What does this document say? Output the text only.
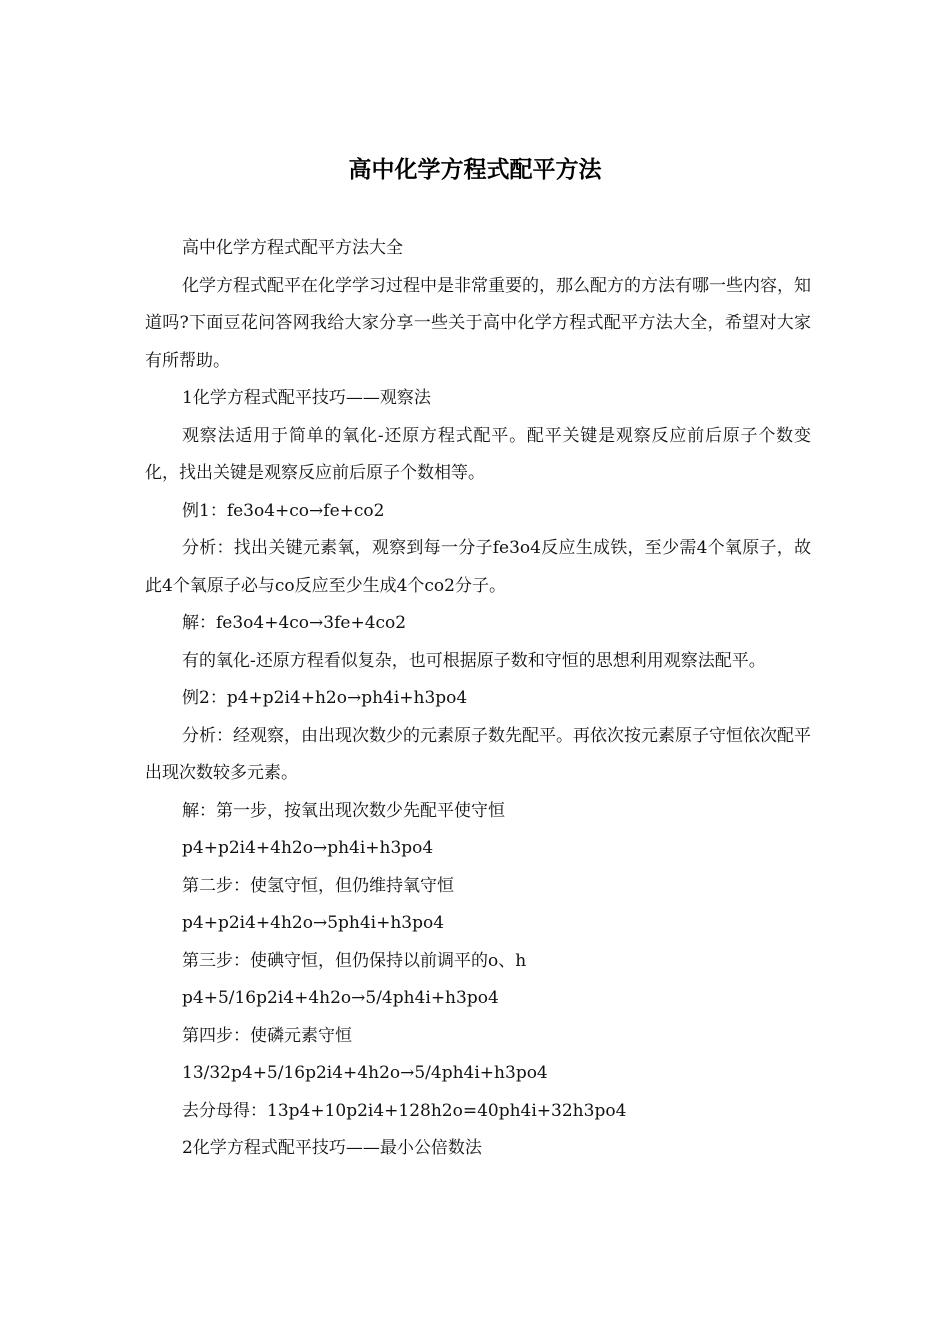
高中化学方程式配平方法

高中化学方程式配平方法大全

化学方程式配平在化学学习过程中是非常重要的，那么配方的方法有哪一些内容，知道吗?下面豆花问答网我给大家分享一些关于高中化学方程式配平方法大全，希望对大家有所帮助。

1化学方程式配平技巧——观察法

观察法适用于简单的氧化-还原方程式配平。配平关键是观察反应前后原子个数变化，找出关键是观察反应前后原子个数相等。

例1：fe3o4+co→fe+co2

分析：找出关键元素氧，观察到每一分子fe3o4反应生成铁，至少需4个氧原子，故此4个氧原子必与co反应至少生成4个co2分子。

解：fe3o4+4co→3fe+4co2

有的氧化-还原方程看似复杂，也可根据原子数和守恒的思想利用观察法配平。

例2：p4+p2i4+h2o→ph4i+h3po4

分析：经观察，由出现次数少的元素原子数先配平。再依次按元素原子守恒依次配平出现次数较多元素。

解：第一步，按氧出现次数少先配平使守恒

p4+p2i4+4h2o→ph4i+h3po4

第二步：使氢守恒，但仍维持氧守恒

p4+p2i4+4h2o→5ph4i+h3po4

第三步：使碘守恒，但仍保持以前调平的o、h

p4+5/16p2i4+4h2o→5/4ph4i+h3po4

第四步：使磷元素守恒

13/32p4+5/16p2i4+4h2o→5/4ph4i+h3po4

去分母得：13p4+10p2i4+128h2o=40ph4i+32h3po4

2化学方程式配平技巧——最小公倍数法
